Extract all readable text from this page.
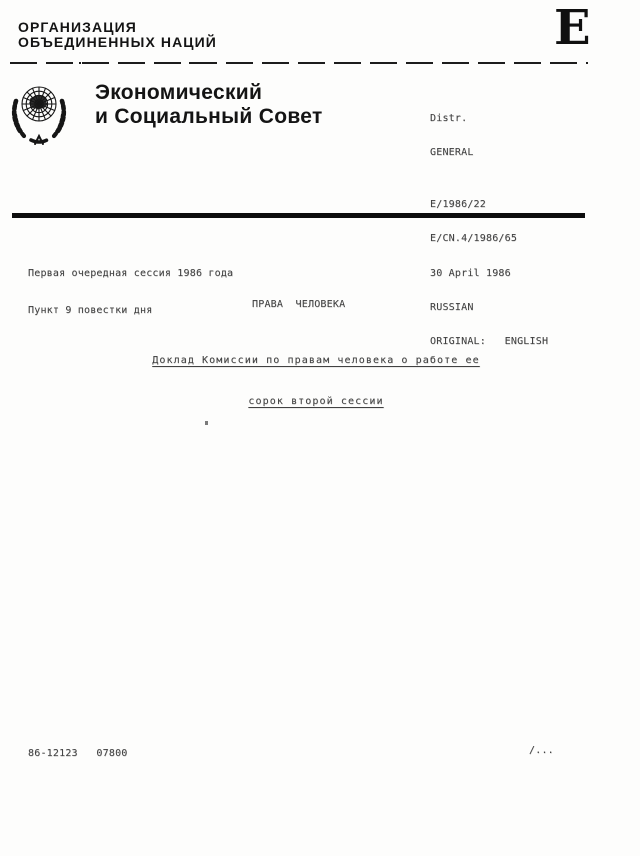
ОРГАНИЗАЦИЯ
ОБЪЕДИНЕННЫХ НАЦИЙ	E
Экономический
и Социальный Совет

	Distr.

GENERAL

E/1986/22

E/CN.4/1986/65

30 April 1986

RUSSIAN

ORIGINAL:   ENGLISH

Первая очередная сессия 1986 года

Пункт 9 повестки дня

ПРАВА  ЧЕЛОВЕКА

Доклад Комиссии по правам человека о работе ее

сорок второй сессии

86-12123   07800	/...
